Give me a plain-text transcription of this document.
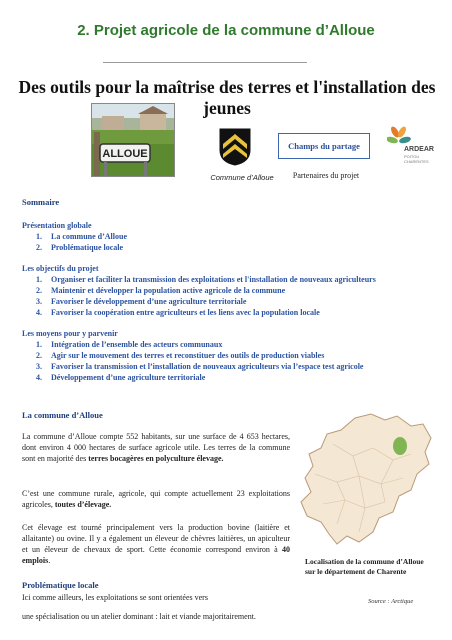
2. Projet agricole de la commune d’Alloue
Des outils pour la maîtrise des terres et l'installation des jeunes
ALLOUE
Commune d’Alloue
Champs du partage
Partenaires du projet
ARDEAR
POITOU CHARENTES
Sommaire
Présentation globale
1.	La commune d’Alloue
2.	Problématique locale
Les objectifs du projet
1.	Organiser et faciliter la transmission des exploitations et l'installation de nouveaux agriculteurs
2.	Maintenir et développer la population active agricole de la commune
3.	Favoriser le développement d’une agriculture territoriale
4.	Favoriser la coopération entre agriculteurs et les liens avec la population locale
Les moyens pour y parvenir
1.	Intégration de l’ensemble des acteurs communaux
2.	Agir sur le mouvement des terres et reconstituer des outils de production viables
3.	Favoriser la transmission et l’installation de nouveaux agriculteurs via l’espace test agricole
4.	Développement d’une agriculture territoriale
La commune d’Alloue
La commune d’Alloue compte 552 habitants, sur une surface de 4 653 hectares, dont environ 4 000 hectares de surface agricole utile. Les terres de la commune sont en majorité des terres bocagères en polyculture élevage.
C’est une commune rurale, agricole, qui compte actuellement 23 exploitations agricoles, toutes d’élevage.
Cet élevage est tourné principalement vers la production bovine (laitière et allaitante) ou ovine. Il y a également un éleveur de chèvres laitières, un apiculteur et un éleveur de chevaux de sport. Cette économie correspond environ à 40 emplois.
Problématique locale
Ici comme ailleurs, les exploitations se sont orientées vers
une spécialisation ou un atelier dominant : lait et viande majoritairement.
Localisation de la commune d’Alloue sur le département de Charente
Source : Arctique
